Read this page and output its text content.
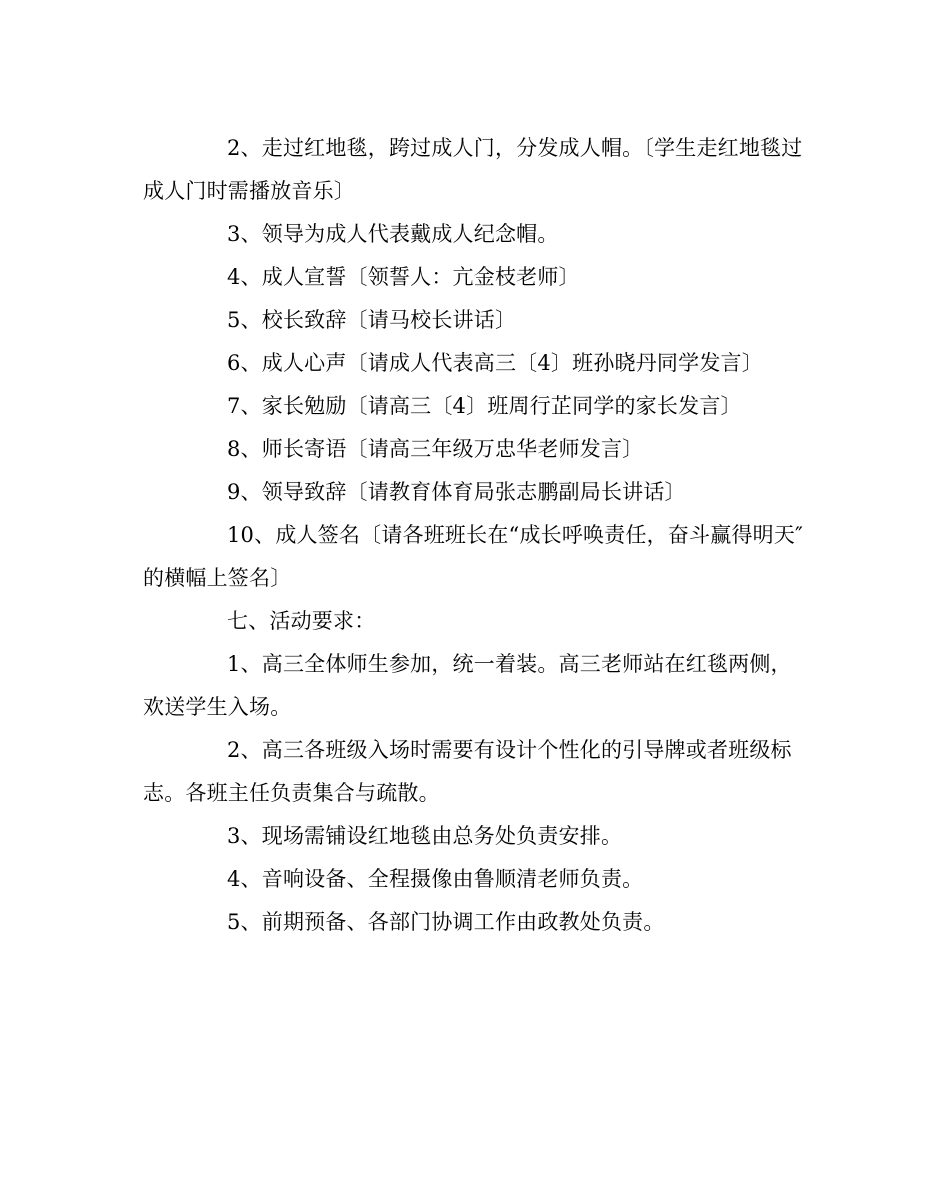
2、走过红地毯，跨过成人门，分发成人帽。〔学生走红地毯过成人门时需播放音乐〕

3、领导为成人代表戴成人纪念帽。

4、成人宣誓〔领誓人：亢金枝老师〕

5、校长致辞〔请马校长讲话〕

6、成人心声〔请成人代表高三〔4〕班孙晓丹同学发言〕

7、家长勉励〔请高三〔4〕班周行芷同学的家长发言〕

8、师长寄语〔请高三年级万忠华老师发言〕

9、领导致辞〔请教育体育局张志鹏副局长讲话〕

10、成人签名〔请各班班长在“成长呼唤责任，奋斗赢得明天″的横幅上签名〕

七、活动要求：

1、高三全体师生参加，统一着装。高三老师站在红毯两侧，欢送学生入场。

2、高三各班级入场时需要有设计个性化的引导牌或者班级标志。各班主任负责集合与疏散。

3、现场需铺设红地毯由总务处负责安排。

4、音响设备、全程摄像由鲁顺清老师负责。

5、前期预备、各部门协调工作由政教处负责。
